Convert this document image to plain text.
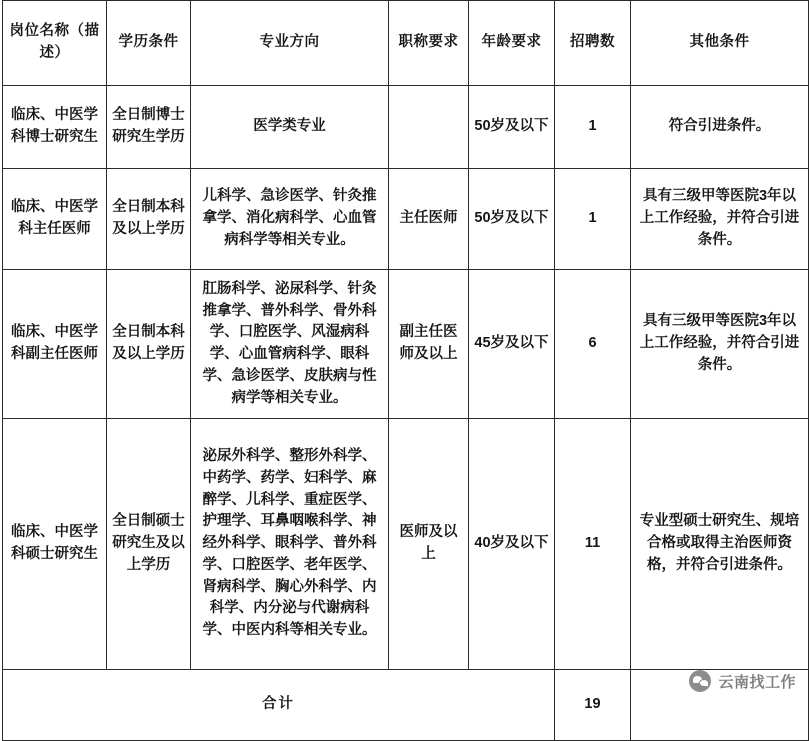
岗位名称（描述）	学历条件	专业方向	职称要求	年龄要求	招聘数	其他条件
临床、中医学科博士研究生	全日制博士研究生学历	医学类专业		50岁及以下	1	符合引进条件。
临床、中医学科主任医师	全日制本科及以上学历	儿科学、急诊医学、针灸推拿学、消化病科学、心血管病科学等相关专业。	主任医师	50岁及以下	1	具有三级甲等医院3年以上工作经验，并符合引进条件。
临床、中医学科副主任医师	全日制本科及以上学历	肛肠科学、泌尿科学、针灸推拿学、普外科学、骨外科学、口腔医学、风湿病科学、心血管病科学、眼科学、急诊医学、皮肤病与性病学等相关专业。	副主任医师及以上	45岁及以下	6	具有三级甲等医院3年以上工作经验，并符合引进条件。
临床、中医学科硕士研究生	全日制硕士研究生及以上学历	泌尿外科学、整形外科学、中药学、药学、妇科学、麻醉学、儿科学、重症医学、护理学、耳鼻咽喉科学、神经外科学、眼科学、普外科学、口腔医学、老年医学、肾病科学、胸心外科学、内科学、内分泌与代谢病科学、中医内科等相关专业。	医师及以上	40岁及以下	11	专业型硕士研究生、规培合格或取得主治医师资格，并符合引进条件。
合计					19	
云南找工作
